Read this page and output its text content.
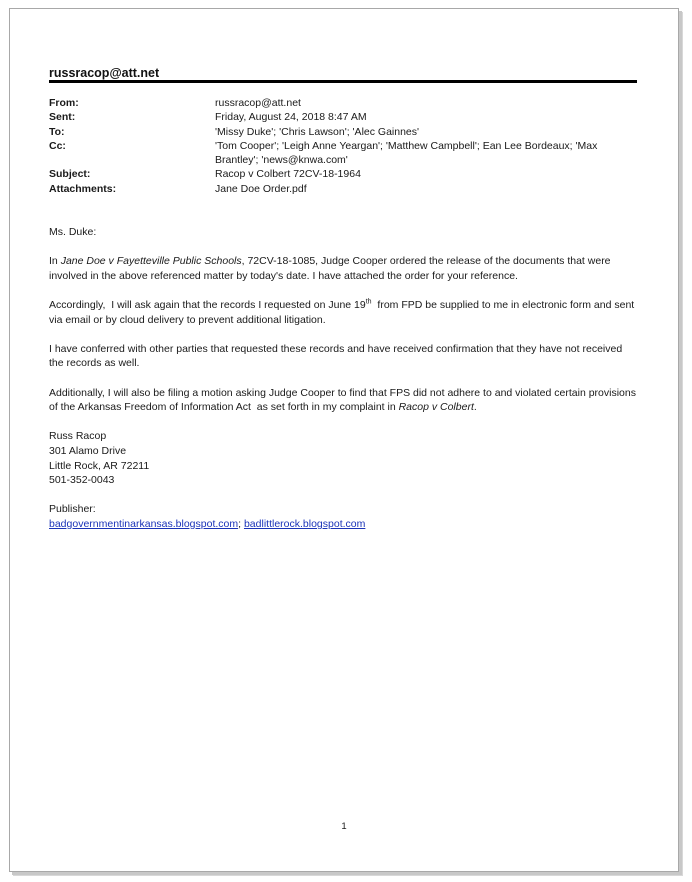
russracop@att.net
From:	russracop@att.net
Sent:	Friday, August 24, 2018 8:47 AM
To:	'Missy Duke'; 'Chris Lawson'; 'Alec Gainnes'
Cc:	'Tom Cooper'; 'Leigh Anne Yeargan'; 'Matthew Campbell'; Ean Lee Bordeaux; 'Max Brantley'; 'news@knwa.com'
Subject:	Racop v Colbert 72CV-18-1964
Attachments:	Jane Doe Order.pdf

Ms. Duke:

In Jane Doe v Fayetteville Public Schools, 72CV-18-1085, Judge Cooper ordered the release of the documents that were involved in the above referenced matter by today's date. I have attached the order for your reference.

Accordingly,  I will ask again that the records I requested on June 19th  from FPD be supplied to me in electronic form and sent via email or by cloud delivery to prevent additional litigation.

I have conferred with other parties that requested these records and have received confirmation that they have not received the records as well.

Additionally, I will also be filing a motion asking Judge Cooper to find that FPS did not adhere to and violated certain provisions of the Arkansas Freedom of Information Act  as set forth in my complaint in Racop v Colbert.

Russ Racop

301 Alamo Drive

Little Rock, AR 72211

501-352-0043

Publisher:

badgovernmentinarkansas.blogspot.com; badlittlerock.blogspot.com

1
